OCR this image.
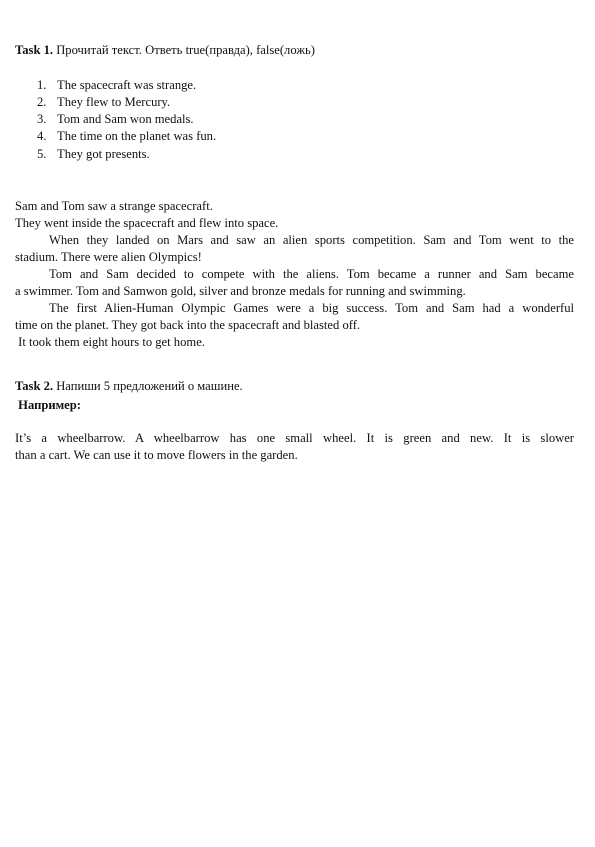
Task 1. Прочитай текст. Ответь true(правда), false(ложь)
1. The spacecraft was strange.
2. They flew to Mercury.
3. Tom and Sam won medals.
4. The time on the planet was fun.
5. They got presents.
Sam and Tom saw a strange spacecraft.
They went inside the spacecraft and flew into space.
When they landed on Mars and saw an alien sports competition. Sam and Tom went to the
stadium. There were alien Olympics!
Tom and Sam decided to compete with the aliens. Tom became a runner and Sam became
a swimmer. Tom and Samwon gold, silver and bronze medals for running and swimming.
The first Alien-Human Olympic Games were a big success. Tom and Sam had a wonderful
time on the planet. They got back into the spacecraft and blasted off.
It took them eight hours to get home.
Task 2. Напиши 5 предложений о машине.
Например:
It’s a wheelbarrow. A wheelbarrow has one small wheel. It is green and new. It is slower
than a cart. We can use it to move flowers in the garden.
